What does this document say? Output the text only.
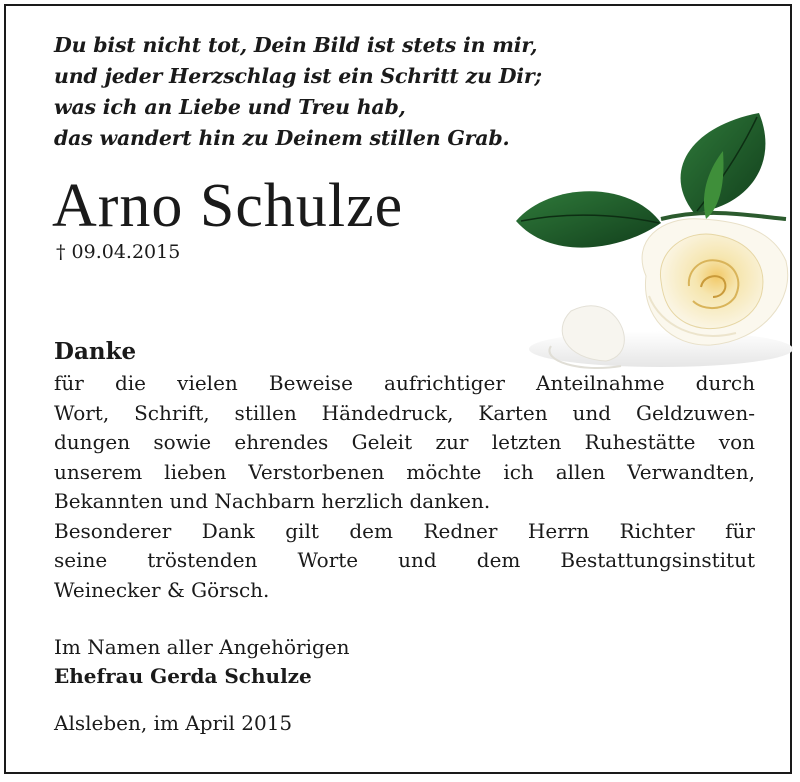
Du bist nicht tot, Dein Bild ist stets in mir,
und jeder Herzschlag ist ein Schritt zu Dir;
was ich an Liebe und Treu hab,
das wandert hin zu Deinem stillen Grab.
Arno Schulze
† 09.04.2015
Danke
für die vielen Beweise aufrichtiger Anteilnahme durch
Wort, Schrift, stillen Händedruck, Karten und Geldzuwen-
dungen sowie ehrendes Geleit zur letzten Ruhestätte von
unserem lieben Verstorbenen möchte ich allen Verwandten,
Bekannten und Nachbarn herzlich danken.
Besonderer Dank gilt dem Redner Herrn Richter für
seine tröstenden Worte und dem Bestattungsinstitut
Weinecker & Görsch.
Im Namen aller Angehörigen
Ehefrau Gerda Schulze
Alsleben, im April 2015
